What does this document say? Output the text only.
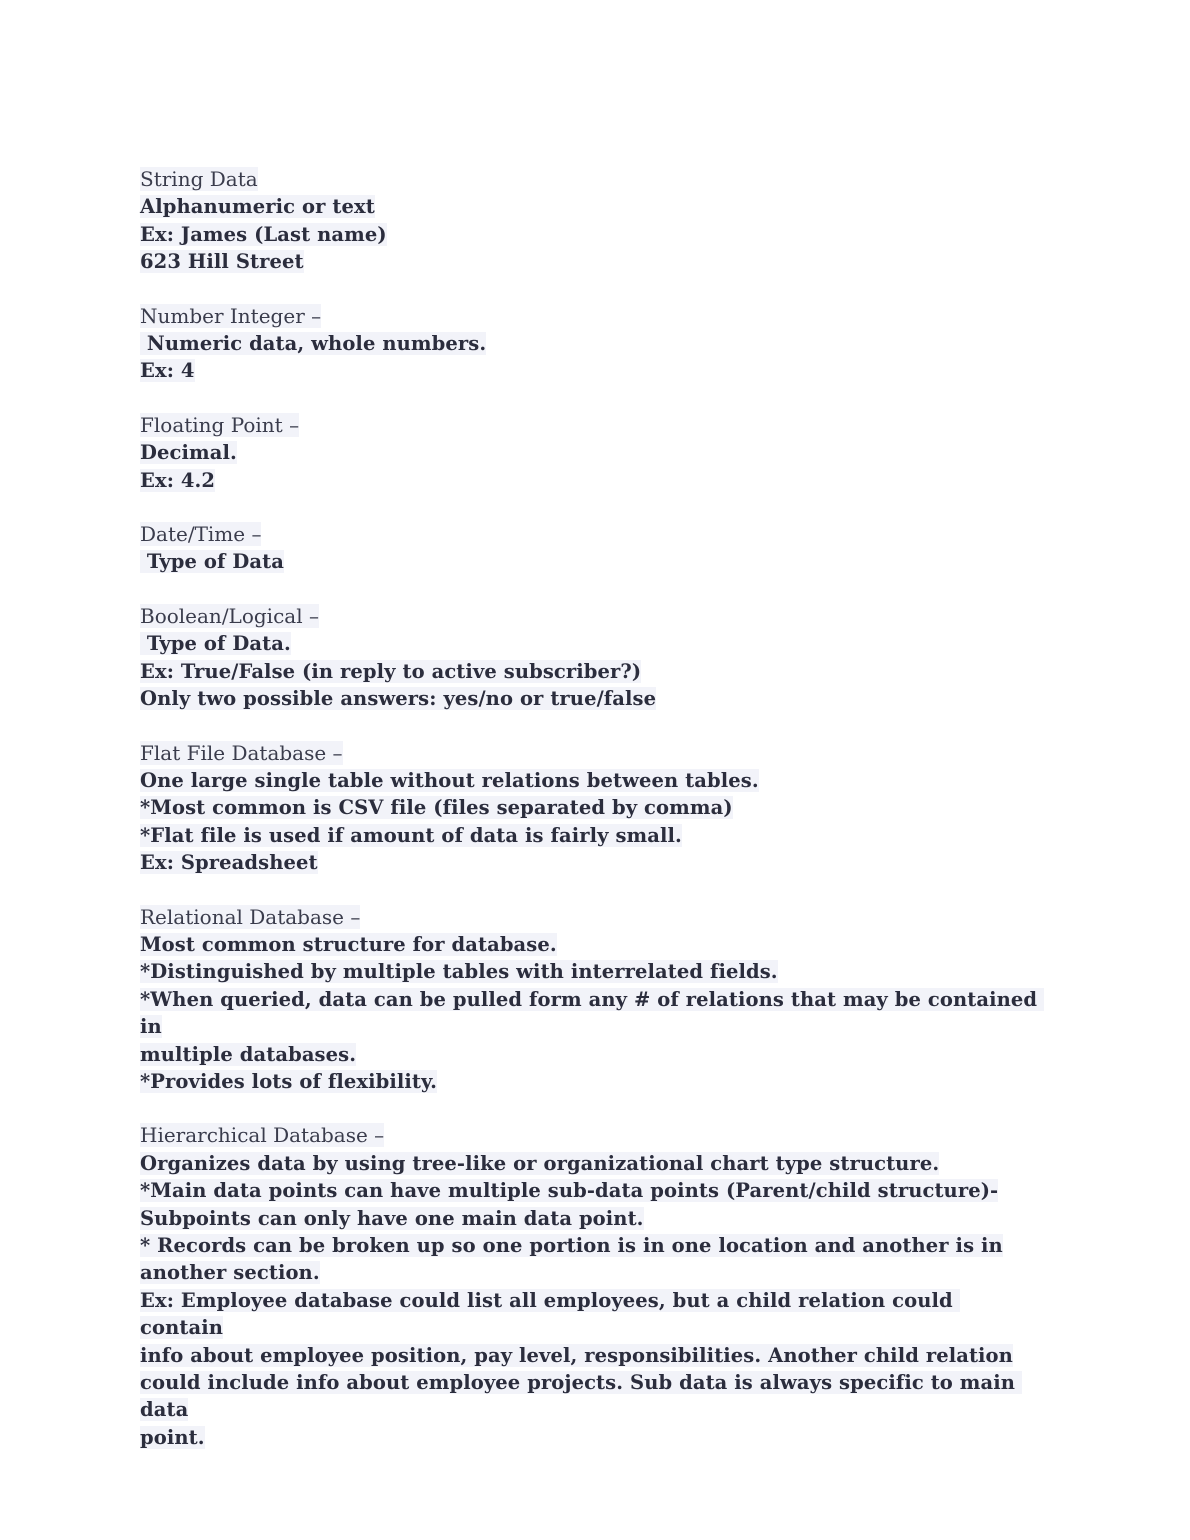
String Data
Alphanumeric or text
Ex: James (Last name)
623 Hill Street
Number Integer –
Numeric data, whole numbers.
Ex: 4
Floating Point –
Decimal.
Ex: 4.2
Date/Time –
Type of Data
Boolean/Logical –
Type of Data.
Ex: True/False (in reply to active subscriber?)
Only two possible answers: yes/no or true/false
Flat File Database –
One large single table without relations between tables.
*Most common is CSV file (files separated by comma)
*Flat file is used if amount of data is fairly small.
Ex: Spreadsheet
Relational Database –
Most common structure for database.
*Distinguished by multiple tables with interrelated fields.
*When queried, data can be pulled form any # of relations that may be contained in
multiple databases.
*Provides lots of flexibility.
Hierarchical Database –
Organizes data by using tree-like or organizational chart type structure.
*Main data points can have multiple sub-data points (Parent/child structure)-
Subpoints can only have one main data point.
* Records can be broken up so one portion is in one location and another is in
another section.
Ex: Employee database could list all employees, but a child relation could contain
info about employee position, pay level, responsibilities. Another child relation
could include info about employee projects. Sub data is always specific to main data
point.
